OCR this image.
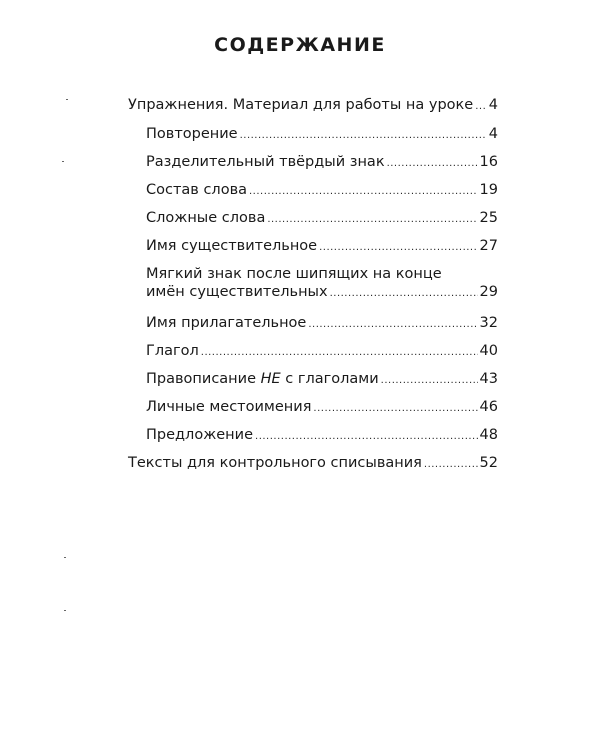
СОДЕРЖАНИЕ
Упражнения. Материал для работы на уроке ..... 4
Повторение .....	4
Разделительный твёрдый знак .....	16
Состав слова .....	19
Сложные слова .....	25
Имя существительное .....	27
Мягкий знак после шипящих на конце
имён существительных .....	29
Имя прилагательное .....	32
Глагол .....	40
Правописание НЕ с глаголами .....	43
Личные местоимения .....	46
Предложение .....	48
Тексты для контрольного списывания .....	52
